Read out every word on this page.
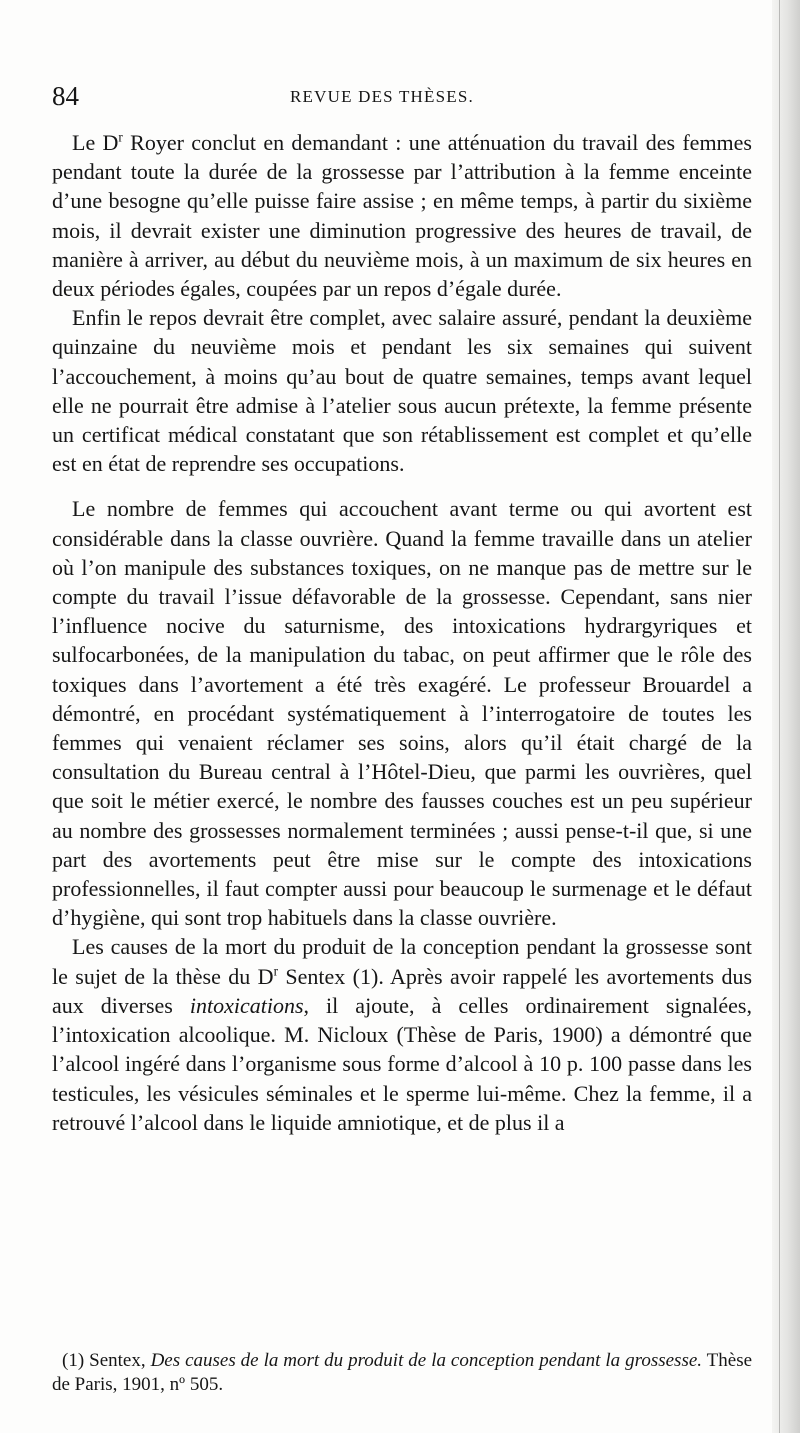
84	REVUE DES THÈSES.

Le $D^r$ Royer conclut en demandant : une atténuation du travail des femmes pendant toute la durée de la grossesse par l’attribution à la femme enceinte d’une besogne qu’elle puisse faire assise ; en même temps, à partir du sixième mois, il devrait exister une diminution progressive des heures de travail, de manière à arriver, au début du neuvième mois, à un maximum de six heures en deux périodes égales, coupées par un repos d’égale durée.

Enfin le repos devrait être complet, avec salaire assuré, pendant la deuxième quinzaine du neuvième mois et pendant les six semaines qui suivent l’accouchement, à moins qu’au bout de quatre semaines, temps avant lequel elle ne pourrait être admise à l’atelier sous aucun prétexte, la femme présente un certificat médical constatant que son rétablissement est complet et qu’elle est en état de reprendre ses occupations.

Le nombre de femmes qui accouchent avant terme ou qui avortent est considérable dans la classe ouvrière. Quand la femme travaille dans un atelier où l’on manipule des substances toxiques, on ne manque pas de mettre sur le compte du travail l’issue défavorable de la grossesse. Cependant, sans nier l’influence nocive du saturnisme, des intoxications hydrargyriques et sulfocarbonées, de la manipulation du tabac, on peut affirmer que le rôle des toxiques dans l’avortement a été très exagéré. Le professeur Brouardel a démontré, en procédant systématiquement à l’interrogatoire de toutes les femmes qui venaient réclamer ses soins, alors qu’il était chargé de la consultation du Bureau central à l’Hôtel-Dieu, que parmi les ouvrières, quel que soit le métier exercé, le nombre des fausses couches est un peu supérieur au nombre des grossesses normalement terminées ; aussi pense-t-il que, si une part des avortements peut être mise sur le compte des intoxications professionnelles, il faut compter aussi pour beaucoup le surmenage et le défaut d’hygiène, qui sont trop habituels dans la classe ouvrière.

Les causes de la mort du produit de la conception pendant la grossesse sont le sujet de la thèse du $D^r$ Sentex (1). Après avoir rappelé les avortements dus aux diverses intoxications, il ajoute, à celles ordinairement signalées, l’intoxication alcoolique. M. Nicloux (Thèse de Paris, 1900) a démontré que l’alcool ingéré dans l’organisme sous forme d’alcool à 10 p. 100 passe dans les testicules, les vésicules séminales et le sperme lui-même. Chez la femme, il a retrouvé l’alcool dans le liquide amniotique, et de plus il a

(1) Sentex, Des causes de la mort du produit de la conception pendant la grossesse. Thèse de Paris, 1901, nº 505.
